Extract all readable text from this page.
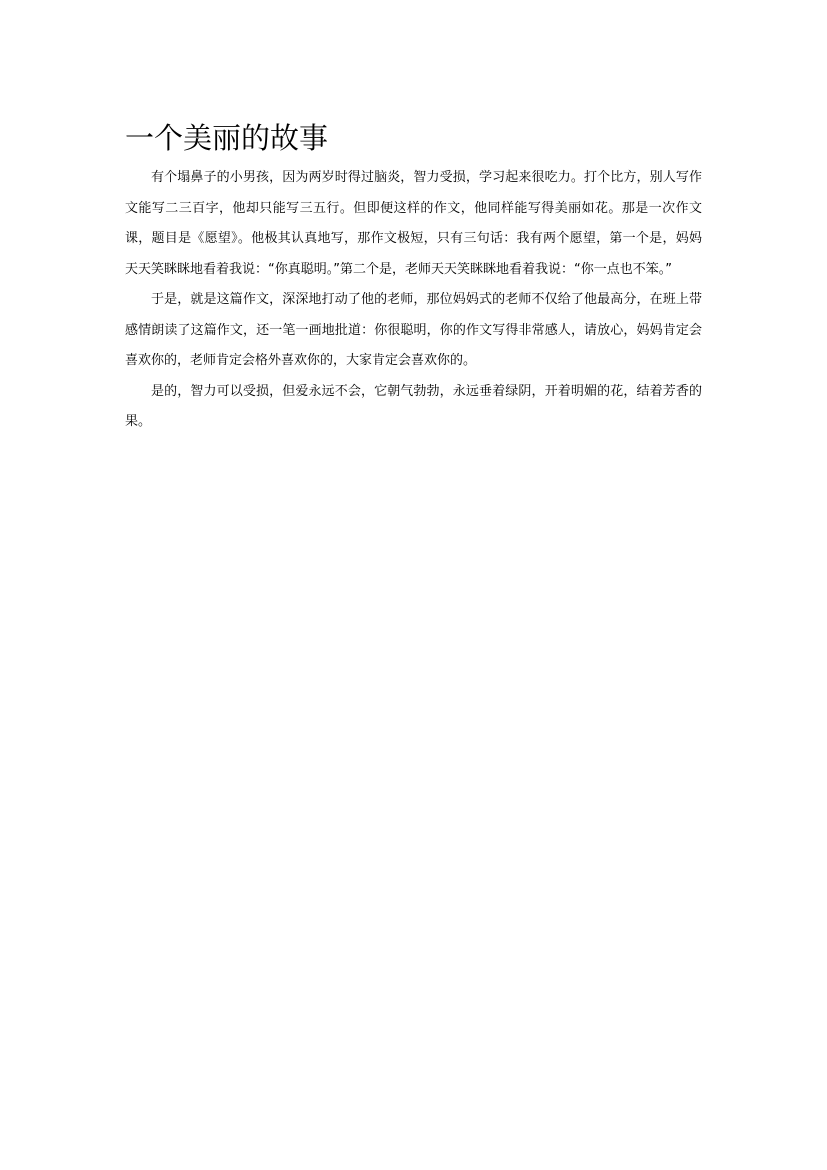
一个美丽的故事

有个塌鼻子的小男孩，因为两岁时得过脑炎，智力受损，学习起来很吃力。打个比方，别人写作文能写二三百字，他却只能写三五行。但即便这样的作文，他同样能写得美丽如花。那是一次作文课，题目是《愿望》。他极其认真地写，那作文极短，只有三句话：我有两个愿望，第一个是，妈妈天天笑眯眯地看着我说：“你真聪明。”第二个是，老师天天笑眯眯地看着我说：“你一点也不笨。”

于是，就是这篇作文，深深地打动了他的老师，那位妈妈式的老师不仅给了他最高分，在班上带感情朗读了这篇作文，还一笔一画地批道：你很聪明，你的作文写得非常感人，请放心，妈妈肯定会喜欢你的，老师肯定会格外喜欢你的，大家肯定会喜欢你的。

是的，智力可以受损，但爱永远不会，它朝气勃勃，永远垂着绿阴，开着明媚的花，结着芳香的果。
